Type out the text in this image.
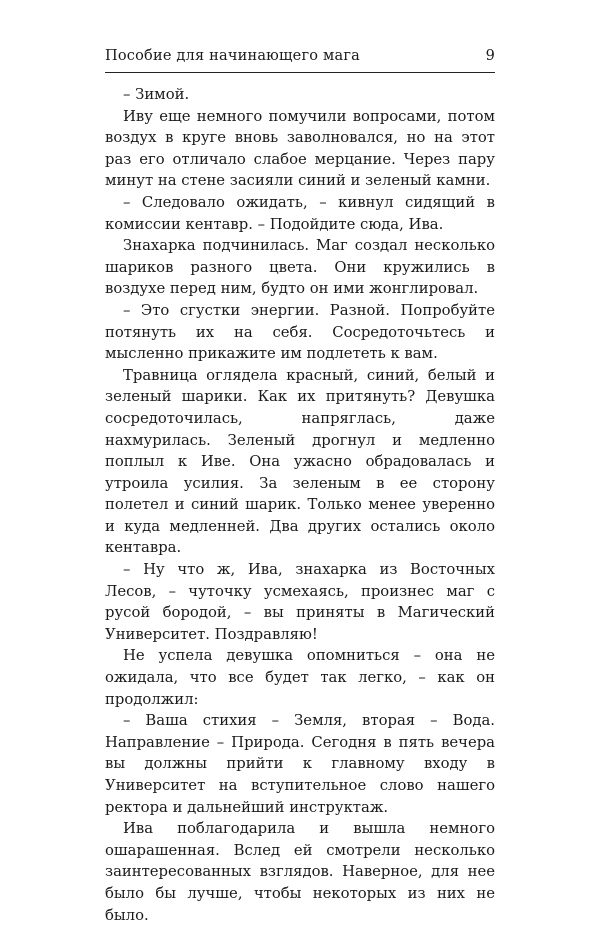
Пособие для начинающего мага	9

– Зимой.

Иву еще немного помучили вопросами, потом воздух в круге вновь заволновался, но на этот раз его отличало слабое мерцание. Через пару минут на стене засияли синий и зеленый камни.

– Следовало ожидать, – кивнул сидящий в комиссии кентавр. – Подойдите сюда, Ива.

Знахарка подчинилась. Маг создал несколько шариков разного цвета. Они кружились в воздухе перед ним, будто он ими жонглировал.

– Это сгустки энергии. Разной. Попробуйте потянуть их на себя. Сосредоточьтесь и мысленно прикажите им подлететь к вам.

Травница оглядела красный, синий, белый и зеленый шарики. Как их притянуть? Девушка сосредоточилась, напряглась, даже нахмурилась. Зеленый дрогнул и медленно поплыл к Иве. Она ужасно обрадовалась и утроила усилия. За зеленым в ее сторону полетел и синий шарик. Только менее уверенно и куда медленней. Два других остались около кентавра.

– Ну что ж, Ива, знахарка из Восточных Лесов, – чуточку усмехаясь, произнес маг с русой бородой, – вы приняты в Магический Университет. Поздравляю!

Не успела девушка опомниться – она не ожидала, что все будет так легко, – как он продолжил:

– Ваша стихия – Земля, вторая – Вода. Направление – Природа. Сегодня в пять вечера вы должны прийти к главному входу в Университет на вступительное слово нашего ректора и дальнейший инструктаж.

Ива поблагодарила и вышла немного ошарашенная. Вслед ей смотрели несколько заинтересованных взглядов. Наверное, для нее было бы лучше, чтобы некоторых из них не было.
